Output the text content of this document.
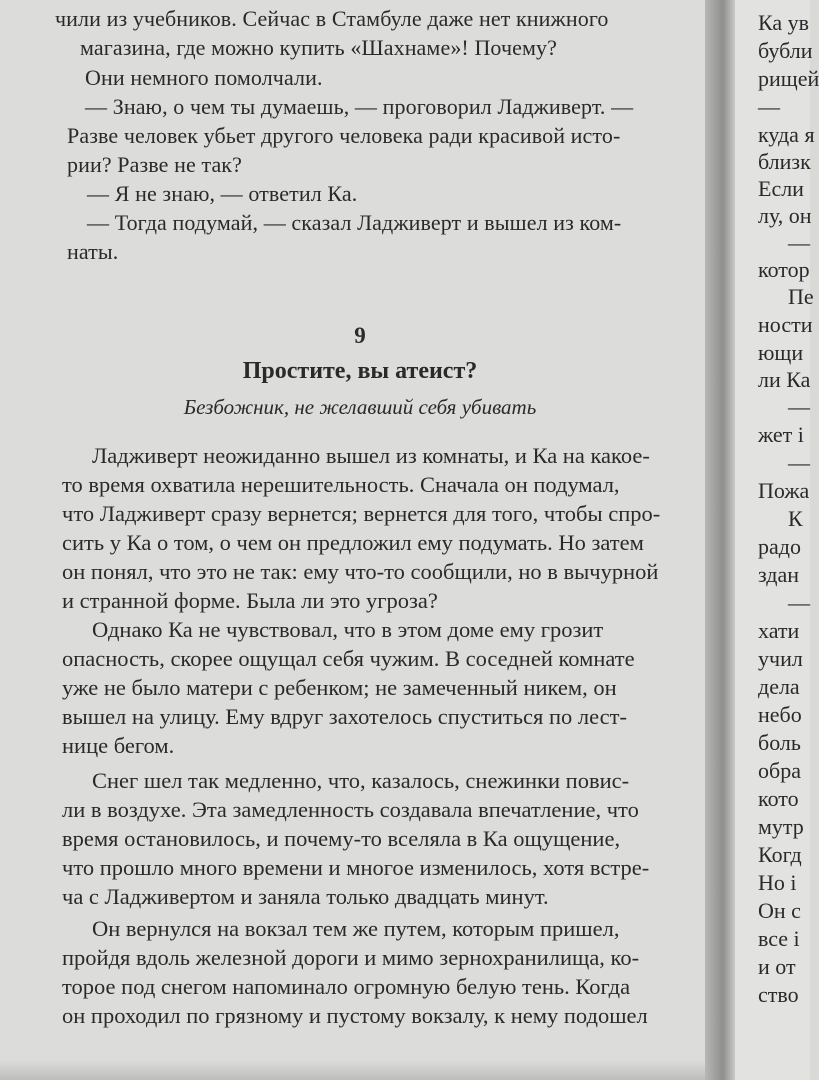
чили из учебников. Сейчас в Стамбуле даже нет книжного
магазина, где можно купить «Шахнаме»! Почему?
Они немного помолчали.
— Знаю, о чем ты думаешь, — проговорил Ладживерт. —
Разве человек убьет другого человека ради красивой исто-
рии? Разве не так?
— Я не знаю, — ответил Ка.
— Тогда подумай, — сказал Ладживерт и вышел из ком-
наты.
9
Простите, вы атеист?
Безбожник, не желавший себя убивать
Ладживерт неожиданно вышел из комнаты, и Ка на какое-
то время охватила нерешительность. Сначала он подумал,
что Ладживерт сразу вернется; вернется для того, чтобы спро-
сить у Ка о том, о чем он предложил ему подумать. Но затем
он понял, что это не так: ему что-то сообщили, но в вычурной
и странной форме. Была ли это угроза?
Однако Ка не чувствовал, что в этом доме ему грозит
опасность, скорее ощущал себя чужим. В соседней комнате
уже не было матери с ребенком; не замеченный никем, он
вышел на улицу. Ему вдруг захотелось спуститься по лест-
нице бегом.
Снег шел так медленно, что, казалось, снежинки повис-
ли в воздухе. Эта замедленность создавала впечатление, что
время остановилось, и почему-то вселяла в Ка ощущение,
что прошло много времени и многое изменилось, хотя встре-
ча с Ладживертом и заняла только двадцать минут.
Он вернулся на вокзал тем же путем, которым пришел,
пройдя вдоль железной дороги и мимо зернохранилища, ко-
торое под снегом напоминало огромную белую тень. Когда
он проходил по грязному и пустому вокзалу, к нему подошел
Ка ув
бубли
рищей
—
куда я
близк
Если
лу, он
—
котор
Пе
ности
ющи
ли Ка
—
жет і
—
Пожа
К
радо
здан
—
хати
учил
дела
небо
боль
обра
кото
мутр
Когд
Но і
Он с
все і
и от
ство
